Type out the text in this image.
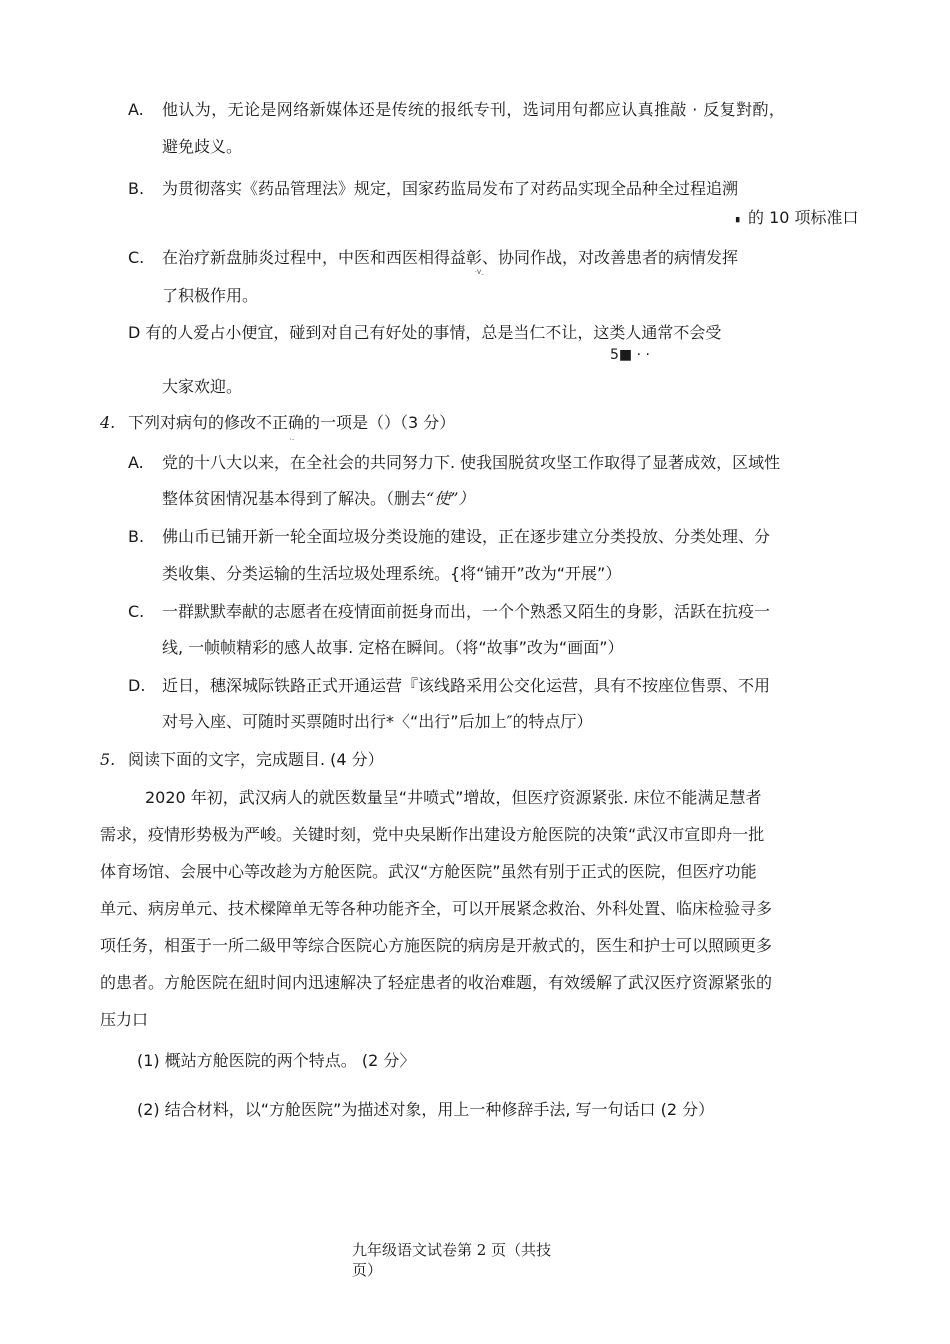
A. 他认为，无论是网络新媒体还是传统的报纸专刊，选词用句都应认真推敲 · 反复對酌，
避免歧义。
B. 为贯彻落实《药品管理法》规定，国家药监局发布了对药品实现全品种全过程追溯
▖ 的 10 项标准口
C. 在治疗新盘肺炎过程中，中医和西医相得益彰、协同作战，对改善患者的病情发挥
ˑVˍ
了积极作用。
D 有的人爱占小便宜，碰到对自己有好处的事情，总是当仁不让，这类人通常不会受
5■ · ·
大家欢迎。
4. 下列对病句的修改不正确的一项是（）（3 分）
ˌˍ
A. 党的十八大以来，在全社会的共同努力下. 使我国脱贫攻坚工作取得了显著成效，区域性
整体贫困情况基本得到了解决。（删去“使”）
B. 佛山币已铺开新一轮全面垃圾分类设施的建设，正在逐步建立分类投放、分类处理、分
类收集、分类运输的生活垃圾处理系统。{将“铺开”改为“开展”）
C. 一群默默奉献的志愿者在疫情面前挺身而出，一个个熟悉又陌生的身影，活跃在抗疫一
线, 一帧帧精彩的感人故事. 定格在瞬间。（将“故事”改为“画面”）
D. 近日，穗深城际铁路正式开通运营『该线路采用公交化运营，具有不按座位售票、不用
对号入座、可随时买票随时出行*〈“出行”后加上″的特点厅）
5. 阅读下面的文字，完成题目. (4 分）
2020 年初，武汉病人的就医数量呈“井喷式”增故，但医疗资源紧张. 床位不能满足慧者
需求，疫情形势极为严峻。关键时刻，党中央杲断作出建设方舱医院的决策“武汉市宣即舟一批
体育场馆、会展中心等改趁为方舱医院。武汉“方舱医院”虽然有别于正式的医院，但医疗功能
单元、病房单元、技术樑障单无等各种功能齐全，可以开展紧念救治、外科处置、临床检验寻多
项任务，相蛋于一所二級甲等综合医院心方施医院的病房是开赦式的，医生和护士可以照顾更多
的患者。方舱医院在紐时间内迅速解决了轻症患者的收治难题，有效缓解了武汉医疗资源紧张的
压力口
(1) 概站方舱医院的两个特点。 (2 分〉
(2) 结合材料，以“方舱医院”为描述对象，用上一种修辞手法, 写一句话口 (2 分）
九年级语文试卷第 2 页（共技
页）
